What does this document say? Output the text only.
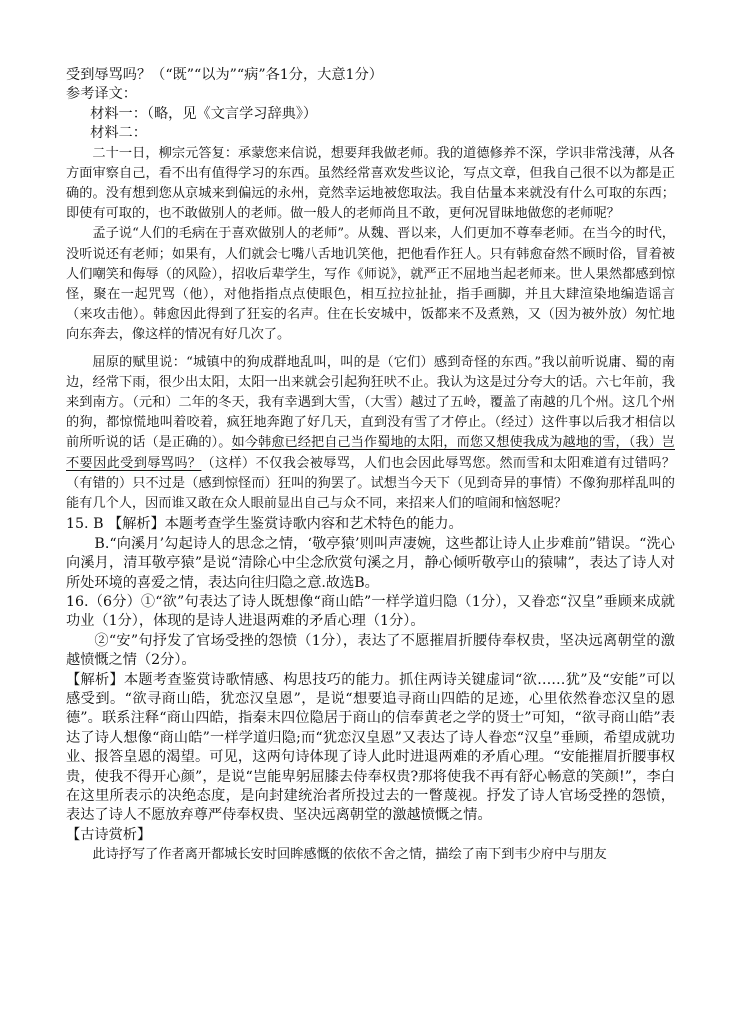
受到辱骂吗？（“既”“以为”“病”各1分，大意1分）

参考译文：

材料一：（略，见《文言学习辞典》）

材料二：

二十一日，柳宗元答复：承蒙您来信说，想要拜我做老师。我的道德修养不深，学识非常浅薄，从各方面审察自己，看不出有值得学习的东西。虽然经常喜欢发些议论，写点文章，但我自己很不以为都是正确的。没有想到您从京城来到偏远的永州，竟然幸运地被您取法。我自估量本来就没有什么可取的东西；即使有可取的，也不敢做别人的老师。做一般人的老师尚且不敢，更何况冒昧地做您的老师呢？

孟子说“人们的毛病在于喜欢做别人的老师”。从魏、晋以来，人们更加不尊奉老师。在当今的时代，没听说还有老师；如果有，人们就会七嘴八舌地讥笑他，把他看作狂人。只有韩愈奋然不顾时俗，冒着被人们嘲笑和侮辱（的风险），招收后辈学生，写作《师说》，就严正不屈地当起老师来。世人果然都感到惊怪，聚在一起咒骂（他），对他指指点点使眼色，相互拉拉扯扯，指手画脚，并且大肆渲染地编造谣言（来攻击他）。韩愈因此得到了狂妄的名声。住在长安城中，饭都来不及煮熟，又（因为被外放）匆忙地向东奔去，像这样的情况有好几次了。

屈原的赋里说：“城镇中的狗成群地乱叫，叫的是（它们）感到奇怪的东西。”我以前听说庸、蜀的南边，经常下雨，很少出太阳，太阳一出来就会引起狗狂吠不止。我认为这是过分夸大的话。六七年前，我来到南方。（元和）二年的冬天，我有幸遇到大雪，（大雪）越过了五岭，覆盖了南越的几个州。这几个州的狗，都惊慌地叫着咬着，疯狂地奔跑了好几天，直到没有雪了才停止。（经过）这件事以后我才相信以前所听说的话（是正确的）。如今韩愈已经把自己当作蜀地的太阳，而您又想使我成为越地的雪，（我）岂不要因此受到辱骂吗？（这样）不仅我会被辱骂，人们也会因此辱骂您。然而雪和太阳难道有过错吗？（有错的）只不过是（感到惊怪而）狂叫的狗罢了。试想当今天下（见到奇异的事情）不像狗那样乱叫的能有几个人，因而谁又敢在众人眼前显出自己与众不同，来招来人们的喧闹和恼怒呢？

15. B 【解析】本题考查学生鉴赏诗歌内容和艺术特色的能力。

B.“向溪月’勾起诗人的思念之情，‘敬亭猿’则叫声凄婉，这些都让诗人止步难前”错误。“洗心向溪月，清耳敬亭猿”是说“清除心中尘念欣赏句溪之月，静心倾听敬亭山的猿啸”，表达了诗人对所处环境的喜爱之情，表达向往归隐之意.故选B。

16.（6分）①“欲”句表达了诗人既想像“商山皓”一样学道归隐（1分），又眷恋“汉皇”垂顾来成就功业（1分），体现的是诗人进退两难的矛盾心理（1分）。

②“安”句抒发了官场受挫的怨愤（1分），表达了不愿摧眉折腰侍奉权贵，坚决远离朝堂的激越愤慨之情（2分）。

【解析】本题考查鉴赏诗歌情感、构思技巧的能力。抓住两诗关键虚词“欲……犹”及“安能”可以感受到。“欲寻商山皓，犹恋汉皇恩”，是说“想要追寻商山四皓的足迹，心里依然眷恋汉皇的恩德”。联系注释“商山四皓，指秦末四位隐居于商山的信奉黄老之学的贤士”可知，“欲寻商山皓”表达了诗人想像“商山皓”一样学道归隐;而“犹恋汉皇恩”又表达了诗人眷恋“汉皇”垂顾，希望成就功业、报答皇恩的渴望。可见，这两句诗体现了诗人此时进退两难的矛盾心理。“安能摧眉折腰事权贵，使我不得开心颜”，是说“岂能卑躬屈膝去侍奉权贵?那将使我不再有舒心畅意的笑颜!”，李白在这里所表示的决绝态度，是向封建统治者所投过去的一瞥蔑视。抒发了诗人官场受挫的怨愤，表达了诗人不愿放弃尊严侍奉权贵、坚决远离朝堂的激越愤慨之情。

【古诗赏析】

此诗抒写了作者离开都城长安时回眸感慨的依依不舍之情，描绘了南下到韦少府中与朋友
